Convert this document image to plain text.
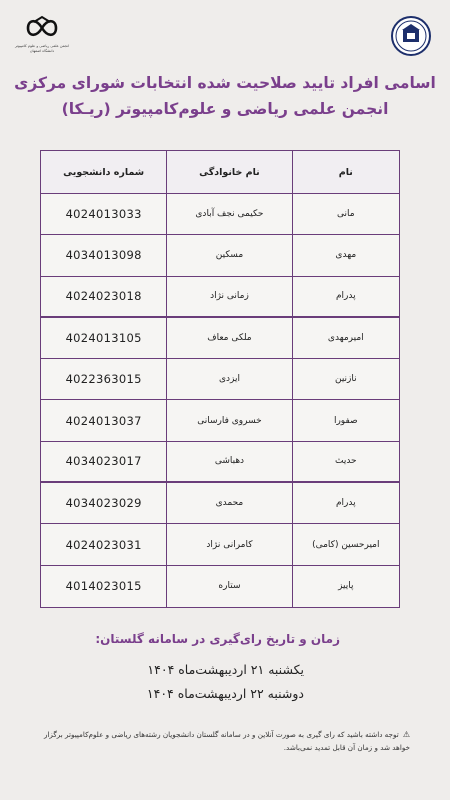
انجمن علمی ریاضی و علوم کامپیوتر دانشگاه اصفهان
اسامی افراد تایید صلاحیت شده انتخابات شورای مرکزی
انجمن علمی ریاضی و علوم‌کامپیوتر (ریـکا)
نام
نام خانوادگی
شماره دانشجویی
مانی
حکیمی نجف آبادی
4024013033
مهدی
مسکین
4034013098
پدرام
زمانی نژاد
4024023018
امیرمهدی
ملکی معاف
4024013105
نازنین
ایزدی
4022363015
صفورا
خسروی فارسانی
4024013037
حدیث
دهباشی
4034023017
پدرام
محمدی
4034023029
امیرحسین (کامی)
کامرانی نژاد
4024023031
پاییز
ستاره
4014023015
زمان و تاریخ رای‌گیری در سامانه گلستان:
یکشنبه ۲۱ اردیبهشت‌ماه ۱۴۰۴
دوشنبه ۲۲ اردیبهشت‌ماه ۱۴۰۴
⚠ توجه داشته باشید که رای گیری به صورت آنلاین و در سامانه گلستان دانشجویان رشته‌های ریاضی و علوم‌کامپیوتر برگزار خواهد شد و زمان آن قابل تمدید نمی‌باشد.
